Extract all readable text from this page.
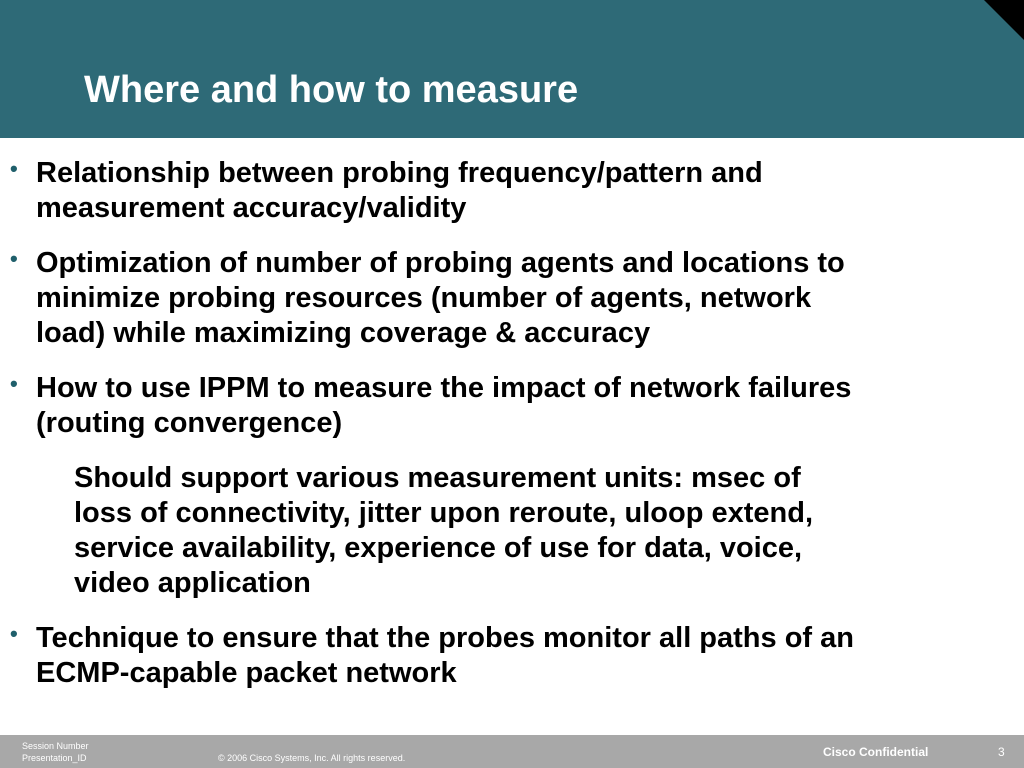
Where and how to measure
• Relationship between probing frequency/pattern and
measurement accuracy/validity
• Optimization of number of probing agents and locations to
minimize probing resources (number of agents, network
load) while maximizing coverage & accuracy
• How to use IPPM to measure the impact of network failures
(routing convergence)
Should support various measurement units: msec of
loss of connectivity, jitter upon reroute, uloop extend,
service availability, experience of use for data, voice,
video application
• Technique to ensure that the probes monitor all paths of an
ECMP-capable packet network
Session Number
Presentation_ID	© 2006 Cisco Systems, Inc. All rights reserved.	Cisco Confidential	3
